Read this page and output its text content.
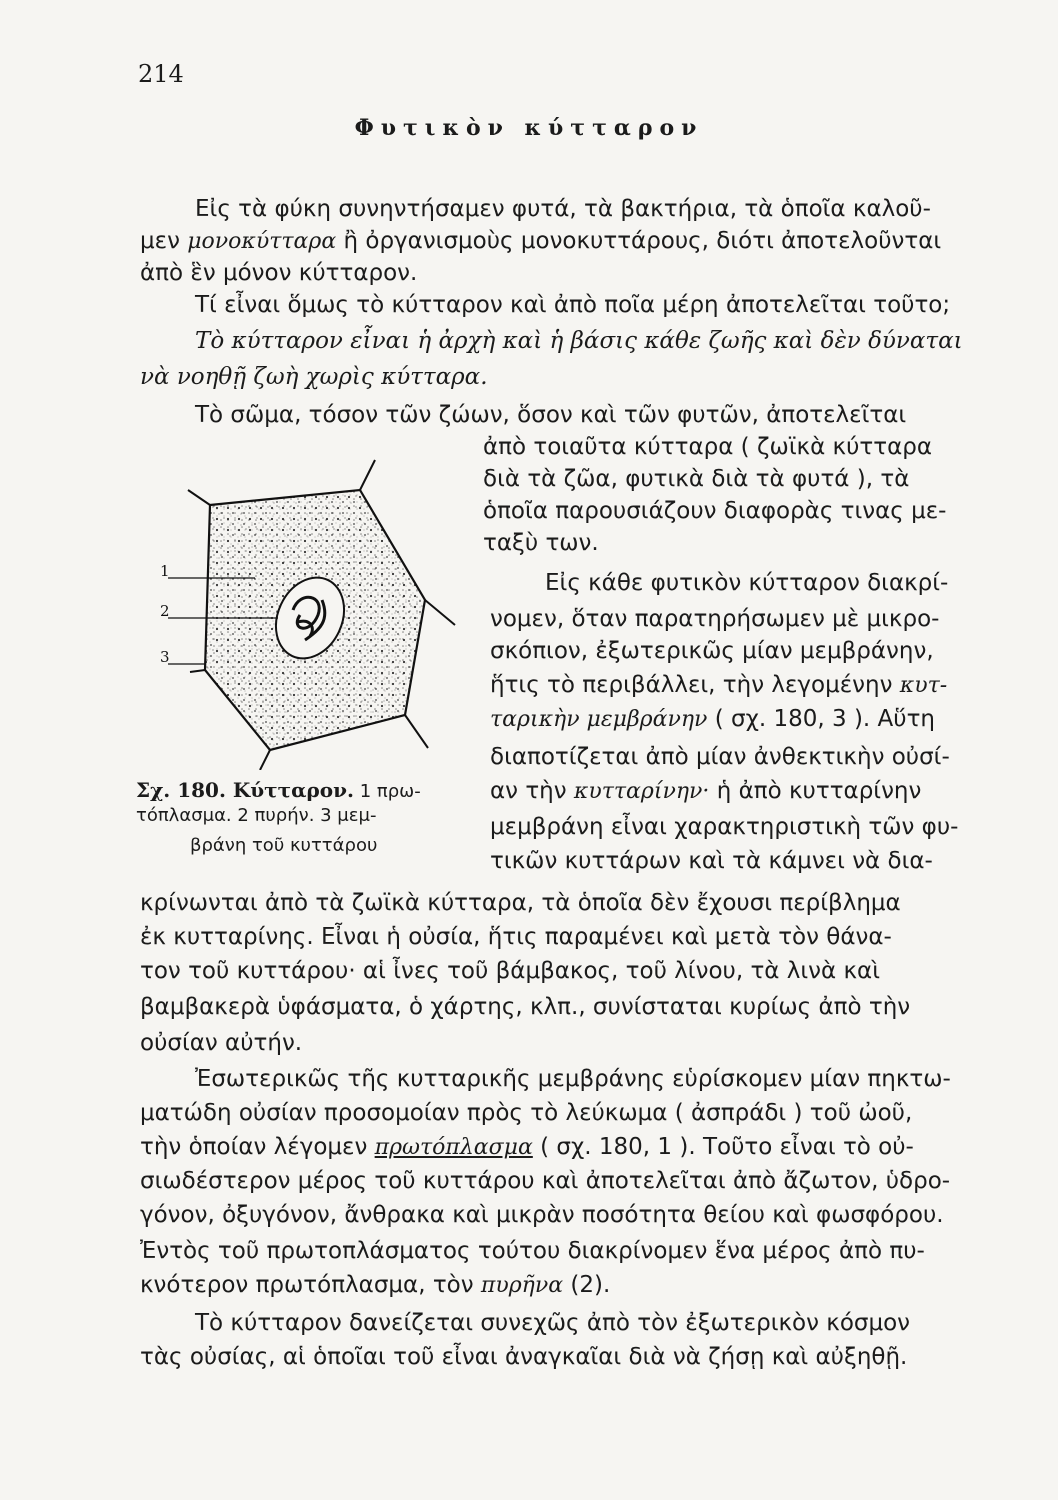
214
Φυτικὸν κύτταρον
Εἰς τὰ φύκη συνηντήσαμεν φυτά, τὰ βακτήρια, τὰ ὁποῖα καλοῦ-
μεν μονοκύτταρα ἢ ὀργανισμοὺς μονοκυττάρους, διότι ἀποτελοῦνται
ἀπὸ ἓν μόνον κύτταρον.
Τί εἶναι ὅμως τὸ κύτταρον καὶ ἀπὸ ποῖα μέρη ἀποτελεῖται τοῦτο;
Τὸ κύτταρον εἶναι ἡ ἀρχὴ καὶ ἡ βάσις κάθε ζωῆς καὶ δὲν δύναται
νὰ νοηθῇ ζωὴ χωρὶς κύτταρα.
Τὸ σῶμα, τόσον τῶν ζώων, ὅσον καὶ τῶν φυτῶν, ἀποτελεῖται
ἀπὸ τοιαῦτα κύτταρα ( ζωϊκὰ κύτταρα
διὰ τὰ ζῶα, φυτικὰ διὰ τὰ φυτά ), τὰ
ὁποῖα παρουσιάζουν διαφορὰς τινας με-
ταξὺ των.
Εἰς κάθε φυτικὸν κύτταρον διακρί-
νομεν, ὅταν παρατηρήσωμεν μὲ μικρο-
σκόπιον, ἐξωτερικῶς μίαν μεμβράνην,
ἥτις τὸ περιβάλλει, τὴν λεγομένην κυτ-
ταρικὴν μεμβράνην ( σχ. 180, 3 ). Αὕτη
διαποτίζεται ἀπὸ μίαν ἀνθεκτικὴν οὐσί-
αν τὴν κυτταρίνην· ἡ ἀπὸ κυτταρίνην
μεμβράνη εἶναι χαρακτηριστικὴ τῶν φυ-
τικῶν κυττάρων καὶ τὰ κάμνει νὰ δια-
1
2
3
Σχ. 180. Κύτταρον. 1 πρω-
τόπλασμα. 2 πυρήν. 3 μεμ-
βράνη τοῦ κυττάρου
κρίνωνται ἀπὸ τὰ ζωϊκὰ κύτταρα, τὰ ὁποῖα δὲν ἔχουσι περίβλημα
ἐκ κυτταρίνης. Εἶναι ἡ οὐσία, ἥτις παραμένει καὶ μετὰ τὸν θάνα-
τον τοῦ κυττάρου· αἱ ἶνες τοῦ βάμβακος, τοῦ λίνου, τὰ λινὰ καὶ
βαμβακερὰ ὑφάσματα, ὁ χάρτης, κλπ., συνίσταται κυρίως ἀπὸ τὴν
οὐσίαν αὐτήν.
Ἐσωτερικῶς τῆς κυτταρικῆς μεμβράνης εὑρίσκομεν μίαν πηκτω-
ματώδη οὐσίαν προσομοίαν πρὸς τὸ λεύκωμα ( ἀσπράδι ) τοῦ ὠοῦ,
τὴν ὁποίαν λέγομεν πρωτόπλασμα ( σχ. 180, 1 ). Τοῦτο εἶναι τὸ οὐ-
σιωδέστερον μέρος τοῦ κυττάρου καὶ ἀποτελεῖται ἀπὸ ἄζωτον, ὑδρο-
γόνον, ὀξυγόνον, ἄνθρακα καὶ μικρὰν ποσότητα θείου καὶ φωσφόρου.
Ἐντὸς τοῦ πρωτοπλάσματος τούτου διακρίνομεν ἕνα μέρος ἀπὸ πυ-
κνότερον πρωτόπλασμα, τὸν πυρῆνα (2).
Τὸ κύτταρον δανείζεται συνεχῶς ἀπὸ τὸν ἐξωτερικὸν κόσμον
τὰς οὐσίας, αἱ ὁποῖαι τοῦ εἶναι ἀναγκαῖαι διὰ νὰ ζήσῃ καὶ αὐξηθῇ.
